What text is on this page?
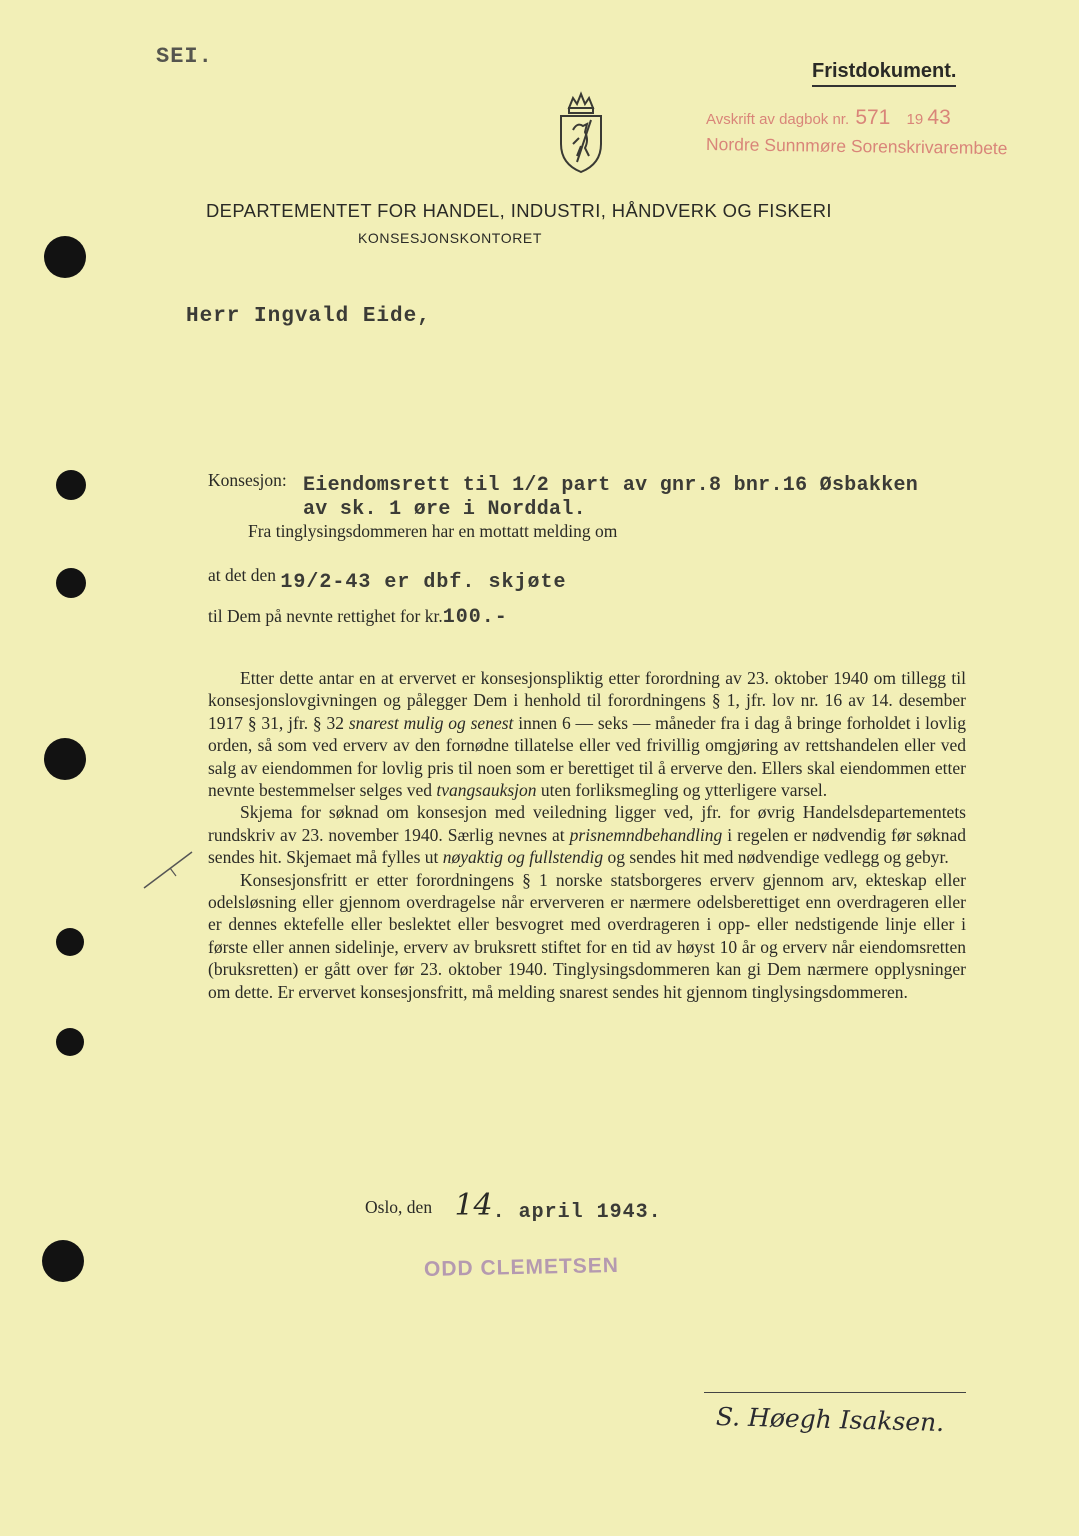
SEI.
Fristdokument.
Avskrift av dagbok nr. 571 19 43
Nordre Sunnmøre Sorenskrivarembete
DEPARTEMENTET FOR HANDEL, INDUSTRI, HÅNDVERK OG FISKERI
KONSESJONSKONTORET
Herr Ingvald Eide,
Konsesjon: Eiendomsrett til 1/2 part av gnr.8 bnr.16 Øsbakken
av sk. 1 øre i Norddal.
Fra tinglysingsdommeren har en mottatt melding om
at det den 19/2-43 er dbf. skjøte
til Dem på nevnte rettighet for kr.100.-

Etter dette antar en at ervervet er konsesjonspliktig etter forordning av 23. oktober 1940 om tillegg til konsesjonslovgivningen og pålegger Dem i henhold til forordningens § 1, jfr. lov nr. 16 av 14. desember 1917 § 31, jfr. § 32 snarest mulig og senest innen 6 — seks — måneder fra i dag å bringe forholdet i lovlig orden, så som ved erverv av den fornødne tillatelse eller ved frivillig omgjøring av rettshandelen eller ved salg av eiendommen for lovlig pris til noen som er berettiget til å erverve den. Ellers skal eiendommen etter nevnte bestemmelser selges ved tvangsauksjon uten forliksmegling og ytterligere varsel.

Skjema for søknad om konsesjon med veiledning ligger ved, jfr. for øvrig Handelsdepartementets rundskriv av 23. november 1940. Særlig nevnes at prisnemndbehandling i regelen er nødvendig før søknad sendes hit. Skjemaet må fylles ut nøyaktig og fullstendig og sendes hit med nødvendige vedlegg og gebyr.

Konsesjonsfritt er etter forordningens § 1 norske statsborgeres erverv gjennom arv, ekteskap eller odelsløsning eller gjennom overdragelse når erververen er nærmere odelsberettiget enn overdrageren eller er dennes ektefelle eller beslektet eller besvogret med overdrageren i opp- eller nedstigende linje eller i første eller annen sidelinje, erverv av bruksrett stiftet for en tid av høyst 10 år og erverv når eiendomsretten (bruksretten) er gått over før 23. oktober 1940. Tinglysingsdommeren kan gi Dem nærmere opplysninger om dette. Er ervervet konsesjonsfritt, må melding snarest sendes hit gjennom tinglysingsdommeren.

Oslo, den 14. april 1943.
ODD CLEMETSEN
S. Høegh Isaksen.
